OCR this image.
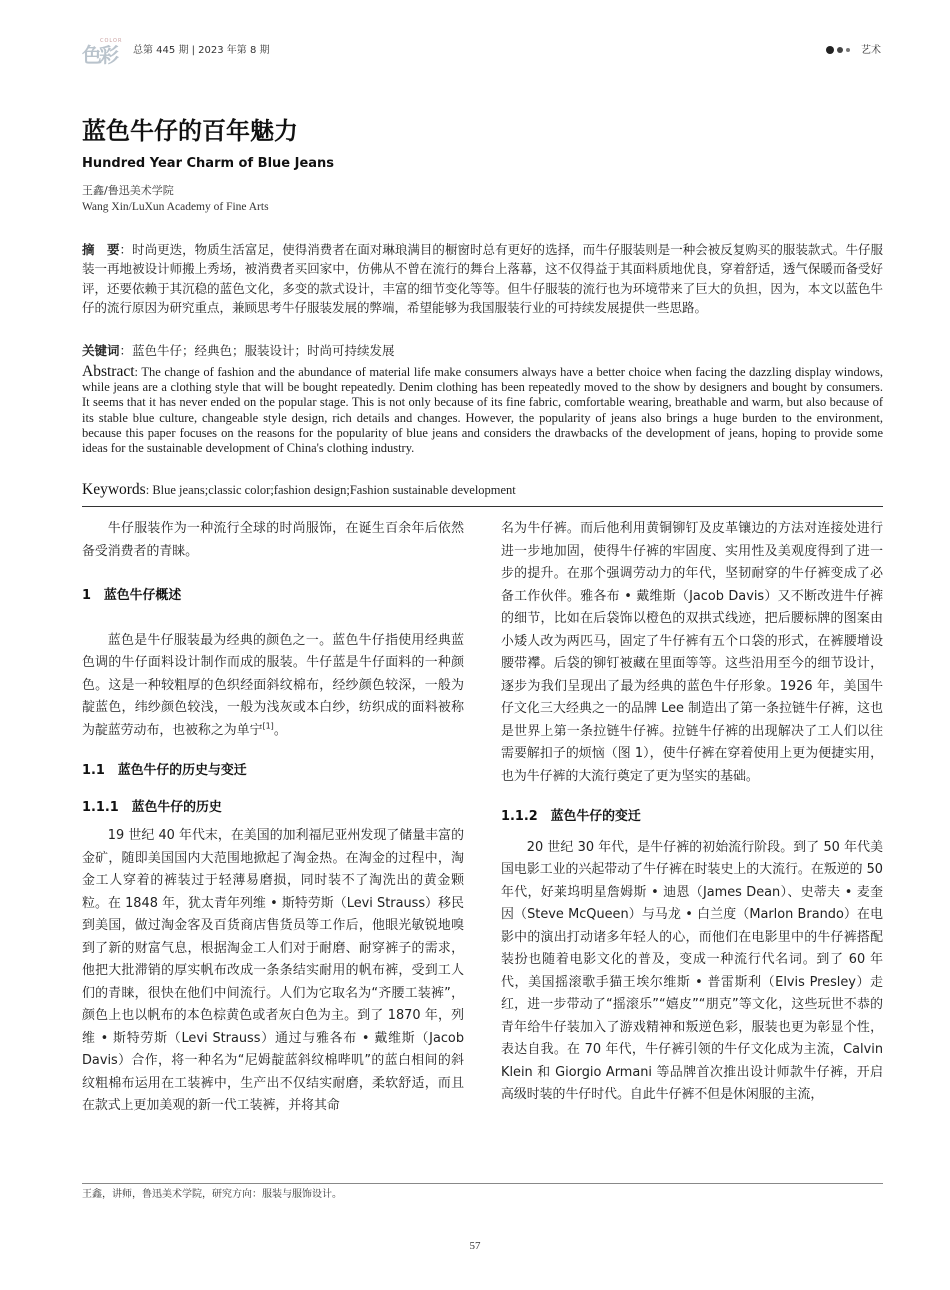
COLOR
色彩 总第 445 期 | 2023 年第 8 期	艺术
蓝色牛仔的百年魅力
Hundred Year Charm of Blue Jeans
王鑫/鲁迅美术学院
Wang Xin/LuXun Academy of Fine Arts
摘　要：时尚更迭，物质生活富足，使得消费者在面对琳琅满目的橱窗时总有更好的选择，而牛仔服装则是一种会被反复购买的服装款式。牛仔服装一再地被设计师搬上秀场，被消费者买回家中，仿佛从不曾在流行的舞台上落幕，这不仅得益于其面料质地优良，穿着舒适，透气保暖而备受好评，还要依赖于其沉稳的蓝色文化，多变的款式设计，丰富的细节变化等等。但牛仔服装的流行也为环境带来了巨大的负担，因为，本文以蓝色牛仔的流行原因为研究重点，兼顾思考牛仔服装发展的弊端，希望能够为我国服装行业的可持续发展提供一些思路。
关键词：蓝色牛仔；经典色；服装设计；时尚可持续发展
Abstract: The change of fashion and the abundance of material life make consumers always have a better choice when facing the dazzling display windows, while jeans are a clothing style that will be bought repeatedly. Denim clothing has been repeatedly moved to the show by designers and bought by consumers. It seems that it has never ended on the popular stage. This is not only because of its fine fabric, comfortable wearing, breathable and warm, but also because of its stable blue culture, changeable style design, rich details and changes. However, the popularity of jeans also brings a huge burden to the environment, because this paper focuses on the reasons for the popularity of blue jeans and considers the drawbacks of the development of jeans, hoping to provide some ideas for the sustainable development of China's clothing industry.
Keywords: Blue jeans;classic color;fashion design;Fashion sustainable development

牛仔服装作为一种流行全球的时尚服饰，在诞生百余年后依然备受消费者的青睐。

1　蓝色牛仔概述

蓝色是牛仔服装最为经典的颜色之一。蓝色牛仔指使用经典蓝色调的牛仔面料设计制作而成的服装。牛仔蓝是牛仔面料的一种颜色。这是一种较粗厚的色织经面斜纹棉布，经纱颜色较深，一般为靛蓝色，纬纱颜色较浅，一般为浅灰或本白纱，纺织成的面料被称为靛蓝劳动布，也被称之为单宁[1]。

1.1　蓝色牛仔的历史与变迁

1.1.1　蓝色牛仔的历史

19 世纪 40 年代末，在美国的加利福尼亚州发现了储量丰富的金矿，随即美国国内大范围地掀起了淘金热。在淘金的过程中，淘金工人穿着的裤装过于轻薄易磨损，同时装不了淘洗出的黄金颗粒。在 1848 年，犹太青年列维 • 斯特劳斯（Levi Strauss）移民到美国，做过淘金客及百货商店售货员等工作后，他眼光敏锐地嗅到了新的财富气息，根据淘金工人们对于耐磨、耐穿裤子的需求，他把大批滞销的厚实帆布改成一条条结实耐用的帆布裤，受到工人们的青睐，很快在他们中间流行。人们为它取名为“齐腰工装裤”，颜色上也以帆布的本色棕黄色或者灰白色为主。到了 1870 年，列维 • 斯特劳斯（Levi Strauss）通过与雅各布 • 戴维斯（Jacob Davis）合作，将一种名为“尼姆靛蓝斜纹棉哔叽”的蓝白相间的斜纹粗棉布运用在工装裤中，生产出不仅结实耐磨，柔软舒适，而且在款式上更加美观的新一代工装裤，并将其命

名为牛仔裤。而后他利用黄铜铆钉及皮革镶边的方法对连接处进行进一步地加固，使得牛仔裤的牢固度、实用性及美观度得到了进一步的提升。在那个强调劳动力的年代，坚韧耐穿的牛仔裤变成了必备工作伙伴。雅各布 • 戴维斯（Jacob Davis）又不断改进牛仔裤的细节，比如在后袋饰以橙色的双拱式线迹，把后腰标牌的图案由小矮人改为两匹马，固定了牛仔裤有五个口袋的形式，在裤腰增设腰带襻。后袋的铆钉被藏在里面等等。这些沿用至今的细节设计，逐步为我们呈现出了最为经典的蓝色牛仔形象。1926 年，美国牛仔文化三大经典之一的品牌 Lee 制造出了第一条拉链牛仔裤，这也是世界上第一条拉链牛仔裤。拉链牛仔裤的出现解决了工人们以往需要解扣子的烦恼（图 1），使牛仔裤在穿着使用上更为便捷实用，也为牛仔裤的大流行奠定了更为坚实的基础。

1.1.2　蓝色牛仔的变迁

20 世纪 30 年代，是牛仔裤的初始流行阶段。到了 50 年代美国电影工业的兴起带动了牛仔裤在时装史上的大流行。在叛逆的 50 年代，好莱坞明星詹姆斯 • 迪恩（James Dean）、史蒂夫 • 麦奎因（Steve McQueen）与马龙 • 白兰度（Marlon Brando）在电影中的演出打动诸多年轻人的心，而他们在电影里中的牛仔裤搭配装扮也随着电影文化的普及，变成一种流行代名词。到了 60 年代，美国摇滚歌手猫王埃尔维斯 • 普雷斯利（Elvis Presley）走红，进一步带动了“摇滚乐”“嬉皮”“朋克”等文化，这些玩世不恭的青年给牛仔装加入了游戏精神和叛逆色彩，服装也更为彰显个性，表达自我。在 70 年代，牛仔裤引领的牛仔文化成为主流，Calvin Klein 和 Giorgio Armani 等品牌首次推出设计师款牛仔裤，开启高级时装的牛仔时代。自此牛仔裤不但是休闲服的主流，

王鑫，讲师，鲁迅美术学院，研究方向：服装与服饰设计。
57
